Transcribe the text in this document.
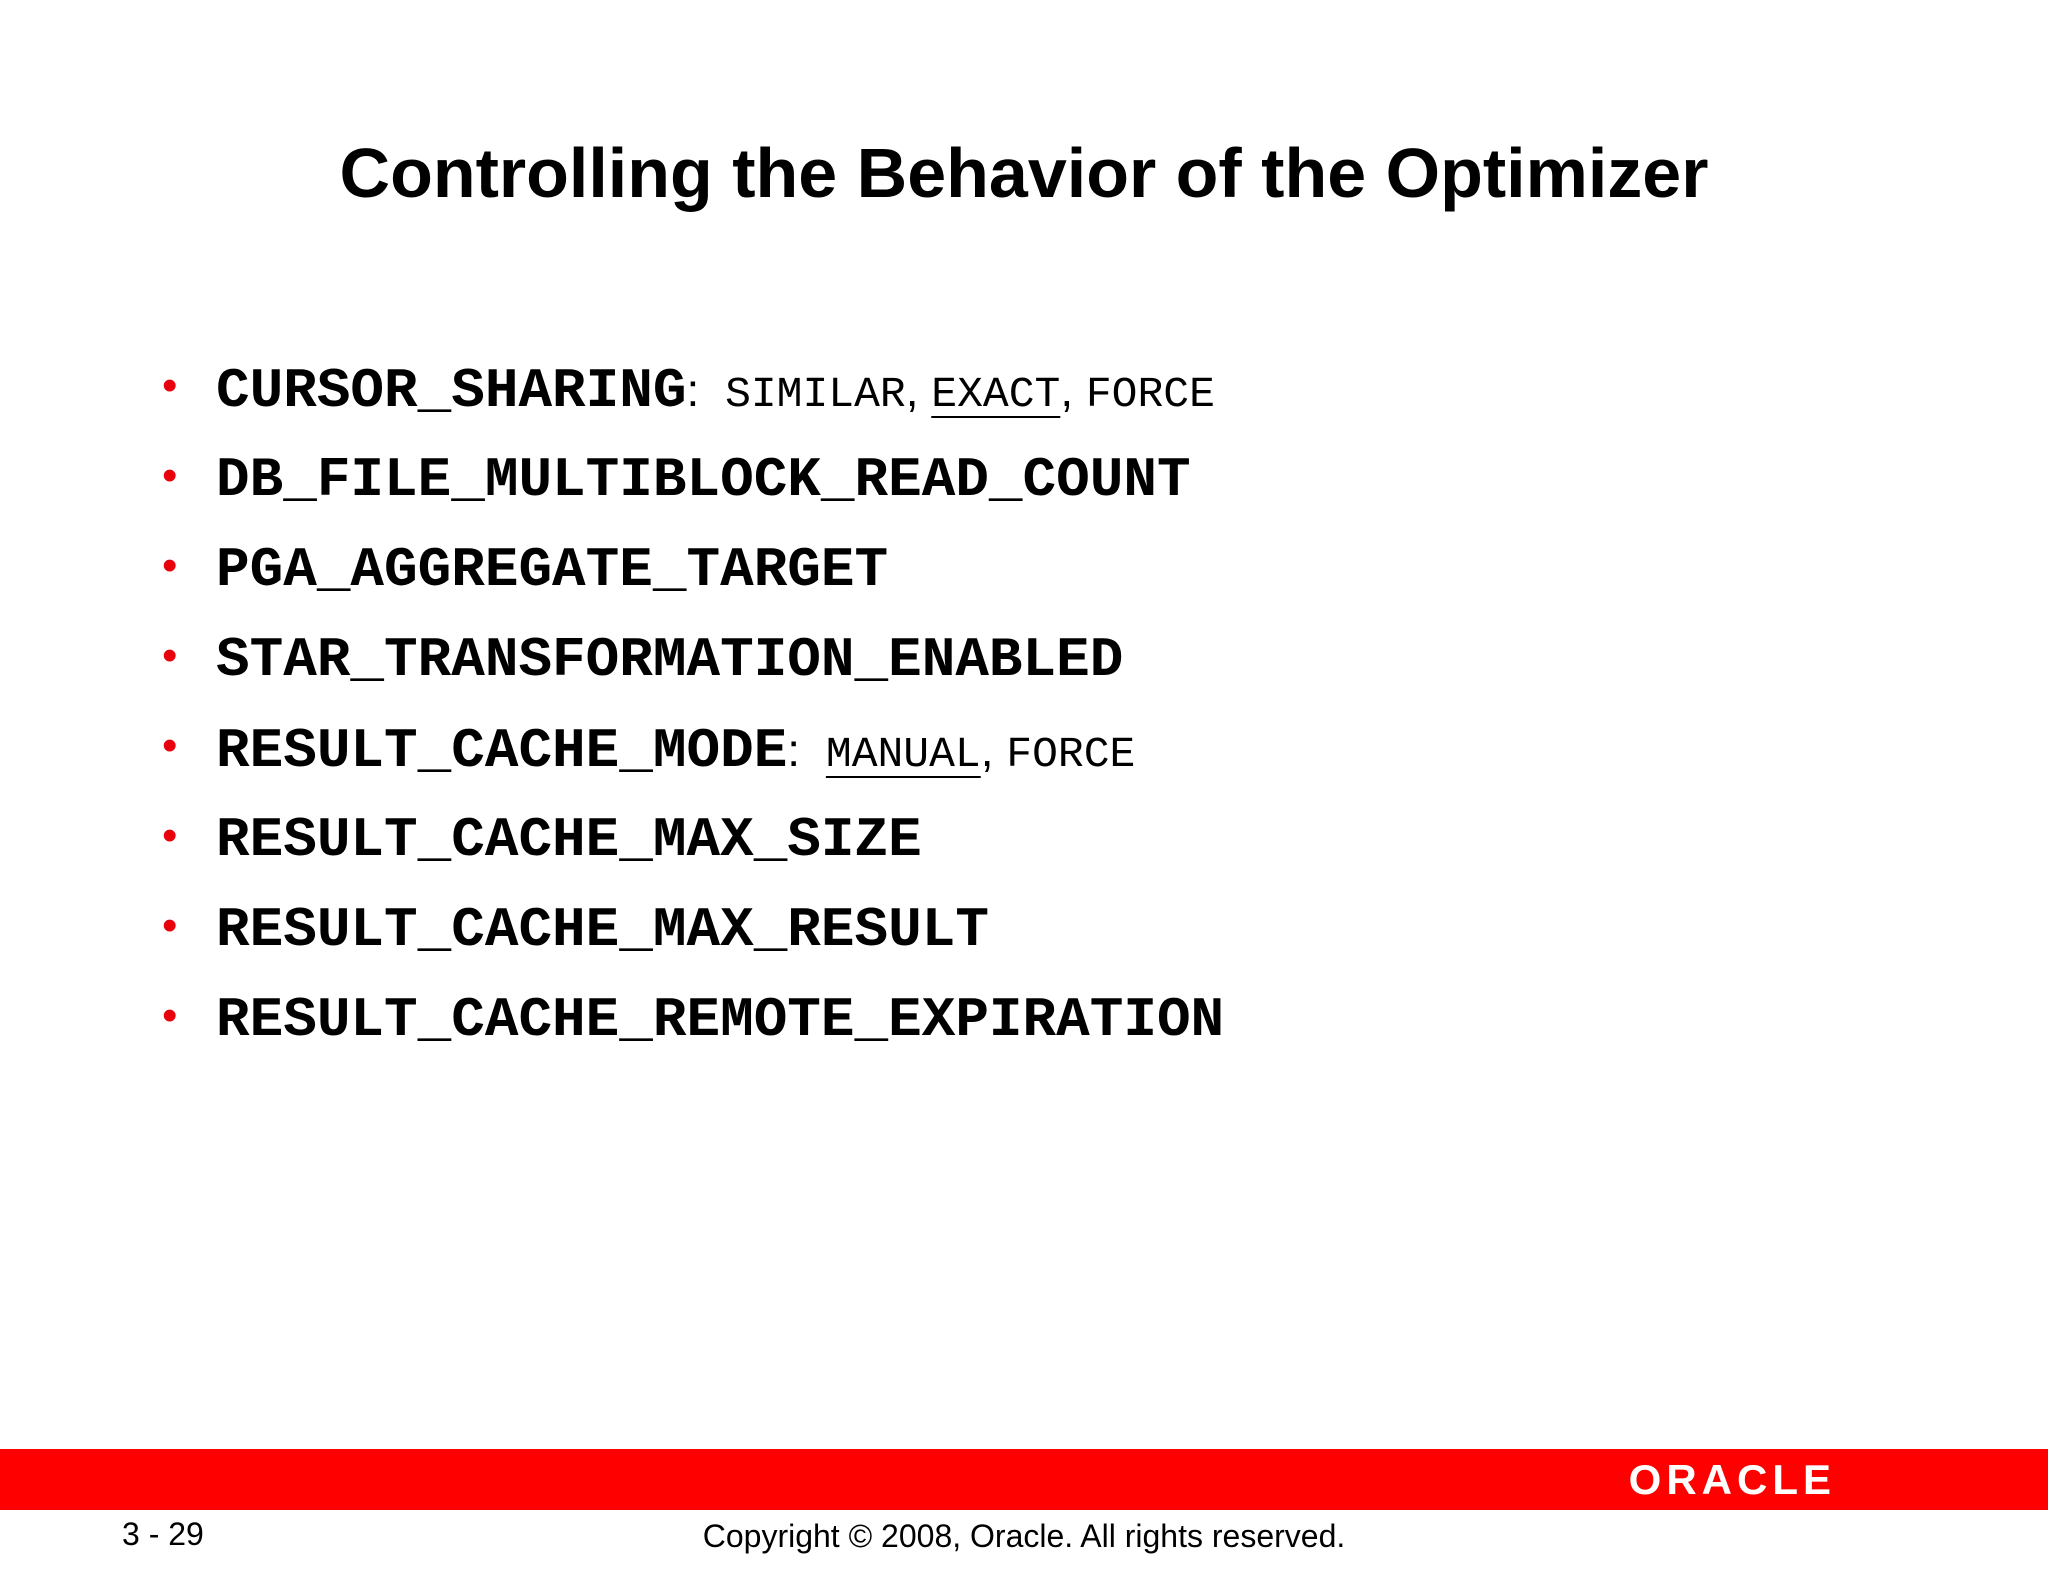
Controlling the Behavior of the Optimizer
• CURSOR_SHARING: SIMILAR, EXACT, FORCE
• DB_FILE_MULTIBLOCK_READ_COUNT
• PGA_AGGREGATE_TARGET
• STAR_TRANSFORMATION_ENABLED
• RESULT_CACHE_MODE: MANUAL, FORCE
• RESULT_CACHE_MAX_SIZE
• RESULT_CACHE_MAX_RESULT
• RESULT_CACHE_REMOTE_EXPIRATION
ORACLE
3 - 29	Copyright © 2008, Oracle. All rights reserved.
